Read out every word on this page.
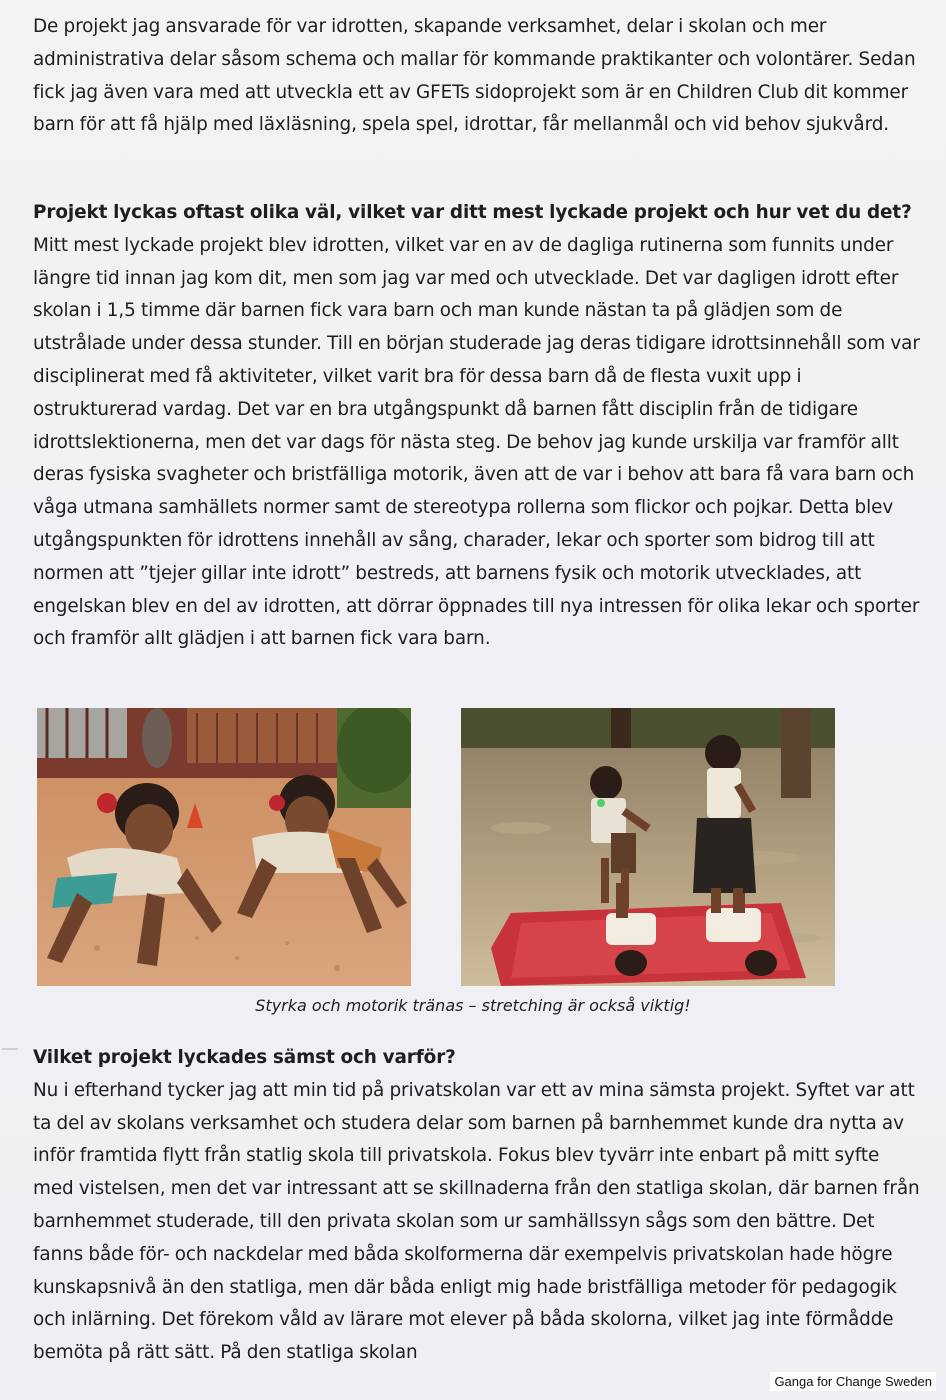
De projekt jag ansvarade för var idrotten, skapande verksamhet, delar i skolan och mer administrativa delar såsom schema och mallar för kommande praktikanter och volontärer. Sedan fick jag även vara med att utveckla ett av GFETs sidoprojekt som är en Children Club dit kommer barn för att få hjälp med läxläsning, spela spel, idrottar, får mellanmål och vid behov sjukvård.

Projekt lyckas oftast olika väl, vilket var ditt mest lyckade projekt och hur vet du det?
Mitt mest lyckade projekt blev idrotten, vilket var en av de dagliga rutinerna som funnits under längre tid innan jag kom dit, men som jag var med och utvecklade. Det var dagligen idrott efter skolan i 1,5 timme där barnen fick vara barn och man kunde nästan ta på glädjen som de utstrålade under dessa stunder. Till en början studerade jag deras tidigare idrottsinnehåll som var disciplinerat med få aktiviteter, vilket varit bra för dessa barn då de flesta vuxit upp i ostrukturerad vardag. Det var en bra utgångspunkt då barnen fått disciplin från de tidigare idrottslektionerna, men det var dags för nästa steg. De behov jag kunde urskilja var framför allt deras fysiska svagheter och bristfälliga motorik, även att de var i behov att bara få vara barn och våga utmana samhällets normer samt de stereotypa rollerna som flickor och pojkar. Detta blev utgångspunkten för idrottens innehåll av sång, charader, lekar och sporter som bidrog till att normen att ”tjejer gillar inte idrott” bestreds, att barnens fysik och motorik utvecklades, att engelskan blev en del av idrotten, att dörrar öppnades till nya intressen för olika lekar och sporter och framför allt glädjen i att barnen fick vara barn.

Styrka och motorik tränas – stretching är också viktig!

Vilket projekt lyckades sämst och varför?
Nu i efterhand tycker jag att min tid på privatskolan var ett av mina sämsta projekt. Syftet var att ta del av skolans verksamhet och studera delar som barnen på barnhemmet kunde dra nytta av inför framtida flytt från statlig skola till privatskola. Fokus blev tyvärr inte enbart på mitt syfte med vistelsen, men det var intressant att se skillnaderna från den statliga skolan, där barnen från barnhemmet studerade, till den privata skolan som ur samhällssyn sågs som den bättre. Det fanns både för- och nackdelar med båda skolformerna där exempelvis privatskolan hade högre kunskapsnivå än den statliga, men där båda enligt mig hade bristfälliga metoder för pedagogik och inlärning. Det förekom våld av lärare mot elever på båda skolorna, vilket jag inte förmådde bemöta på rätt sätt. På den statliga skolan

Ganga for Change Sweden
